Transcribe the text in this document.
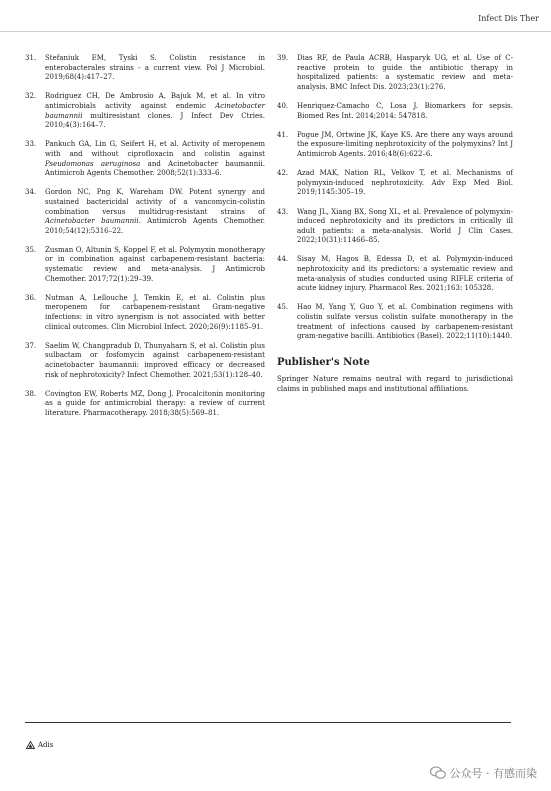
Infect Dis Ther
31.	Stefaniuk EM, Tyski S. Colistin resistance in enterobacterales strains - a current view. Pol J Microbiol. 2019;68(4):417–27.
32.	Rodriguez CH, De Ambrosio A, Bajuk M, et al. In vitro antimicrobials activity against endemic Acinetobacter baumannii multiresistant clones. J Infect Dev Ctries. 2010;4(3):164–7.
33.	Pankuch GA, Lin G, Seifert H, et al. Activity of meropenem with and without ciprofloxacin and colistin against Pseudomonas aeruginosa and Acinetobacter baumannii. Antimicrob Agents Chemother. 2008;52(1):333–6.
34.	Gordon NC, Png K, Wareham DW. Potent synergy and sustained bactericidal activity of a vancomycin-colistin combination versus multidrug-resistant strains of Acinetobacter baumannii. Antimicrob Agents Chemother. 2010;54(12):5316–22.
35.	Zusman O, Altunin S, Koppel F, et al. Polymyxin monotherapy or in combination against carbapenem-resistant bacteria: systematic review and meta-analysis. J Antimicrob Chemother. 2017;72(1):29–39.
36.	Nutman A, Lellouche J, Temkin E, et al. Colistin plus meropenem for carbapenem-resistant Gram-negative infections: in vitro synergism is not associated with better clinical outcomes. Clin Microbiol Infect. 2020;26(9):1185–91.
37.	Saelim W, Changpradub D, Thunyaharn S, et al. Colistin plus sulbactam or fosfomycin against carbapenem-resistant acinetobacter baumannii: improved efficacy or decreased risk of nephrotoxicity? Infect Chemother. 2021;53(1):128–40.
38.	Covington EW, Roberts MZ, Dong J. Procalcitonin monitoring as a guide for antimicrobial therapy: a review of current literature. Pharmacotherapy. 2018;38(5):569–81.
39.	Dias RF, de Paula ACRB, Hasparyk UG, et al. Use of C-reactive protein to guide the antibiotic therapy in hospitalized patients: a systematic review and meta-analysis. BMC Infect Dis. 2023;23(1):276.
40.	Henriquez-Camacho C, Losa J. Biomarkers for sepsis. Biomed Res Int. 2014;2014: 547818.
41.	Pogue JM, Ortwine JK, Kaye KS. Are there any ways around the exposure-limiting nephrotoxicity of the polymyxins? Int J Antimicrob Agents. 2016;48(6):622–6.
42.	Azad MAK, Nation RL, Velkov T, et al. Mechanisms of polymyxin-induced nephrotoxicity. Adv Exp Med Biol. 2019;1145:305–19.
43.	Wang JL, Xiang BX, Song XL, et al. Prevalence of polymyxin-induced nephrotoxicity and its predictors in critically ill adult patients: a meta-analysis. World J Clin Cases. 2022;10(31):11466–85.
44.	Sisay M, Hagos B, Edessa D, et al. Polymyxin-induced nephrotoxicity and its predictors: a systematic review and meta-analysis of studies conducted using RIFLE criteria of acute kidney injury. Pharmacol Res. 2021;163: 105328.
45.	Hao M, Yang Y, Guo Y, et al. Combination regimens with colistin sulfate versus colistin sulfate monotherapy in the treatment of infections caused by carbapenem-resistant gram-negative bacilli. Antibiotics (Basel). 2022;11(10):1440.
Publisher's Note
Springer Nature remains neutral with regard to jurisdictional claims in published maps and institutional affiliations.
Adis
公众号 · 有感而染
